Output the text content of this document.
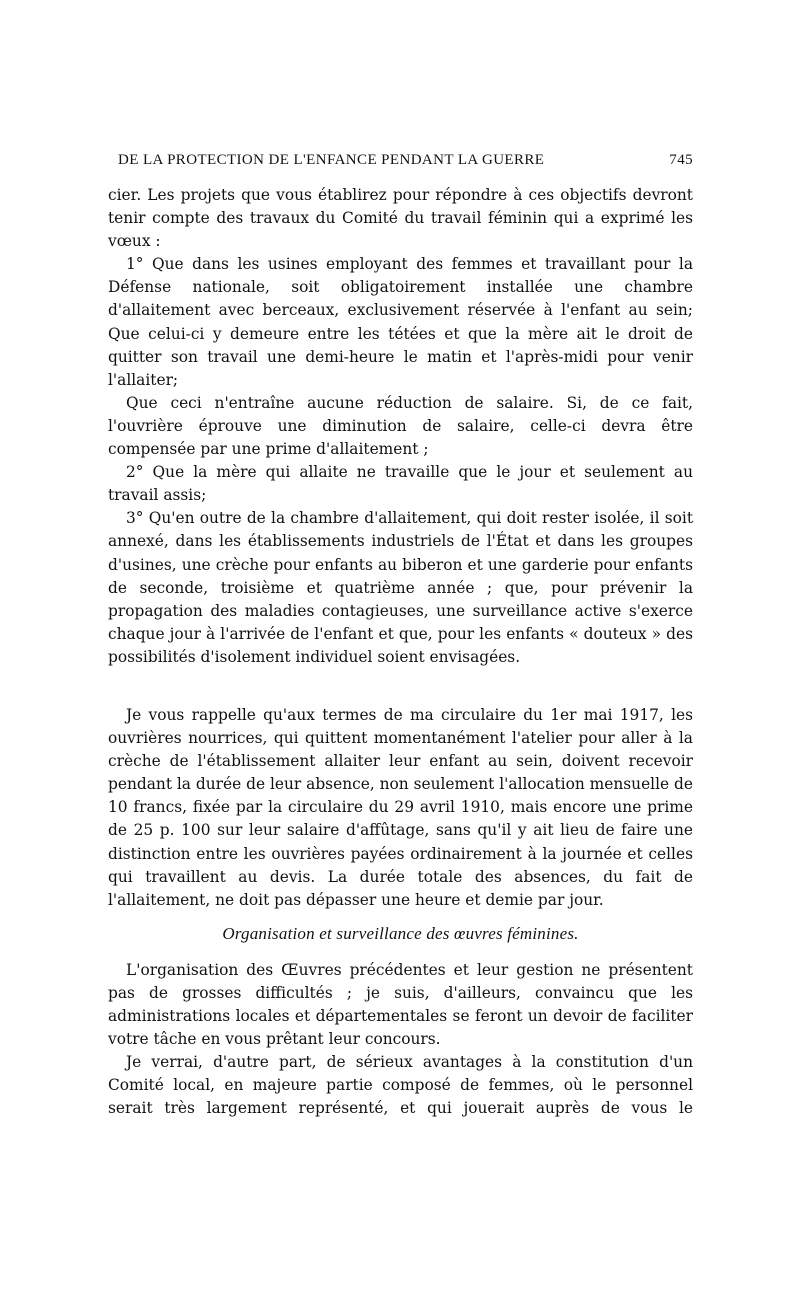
DE LA PROTECTION DE L'ENFANCE PENDANT LA GUERRE	745

cier. Les projets que vous établirez pour répondre à ces objectifs devront tenir compte des travaux du Comité du travail féminin qui a exprimé les vœux :

1° Que dans les usines employant des femmes et travaillant pour la Défense nationale, soit obligatoirement installée une chambre d'allaitement avec berceaux, exclusivement réservée à l'enfant au sein; Que celui-ci y demeure entre les tétées et que la mère ait le droit de quitter son travail une demi-heure le matin et l'après-midi pour venir l'allaiter;

Que ceci n'entraîne aucune réduction de salaire. Si, de ce fait, l'ouvrière éprouve une diminution de salaire, celle-ci devra être compensée par une prime d'allaitement ;

2° Que la mère qui allaite ne travaille que le jour et seulement au travail assis;

3° Qu'en outre de la chambre d'allaitement, qui doit rester isolée, il soit annexé, dans les établissements industriels de l'État et dans les groupes d'usines, une crèche pour enfants au biberon et une garderie pour enfants de seconde, troisième et quatrième année ; que, pour prévenir la propagation des maladies contagieuses, une surveillance active s'exerce chaque jour à l'arrivée de l'enfant et que, pour les enfants « douteux » des possibilités d'isolement individuel soient envisagées.

Je vous rappelle qu'aux termes de ma circulaire du 1er mai 1917, les ouvrières nourrices, qui quittent momentanément l'atelier pour aller à la crèche de l'établissement allaiter leur enfant au sein, doivent recevoir pendant la durée de leur absence, non seulement l'allocation mensuelle de 10 francs, fixée par la circulaire du 29 avril 1910, mais encore une prime de 25 p. 100 sur leur salaire d'affûtage, sans qu'il y ait lieu de faire une distinction entre les ouvrières payées ordinairement à la journée et celles qui travaillent au devis. La durée totale des absences, du fait de l'allaitement, ne doit pas dépasser une heure et demie par jour.

Organisation et surveillance des œuvres féminines.

L'organisation des Œuvres précédentes et leur gestion ne présentent pas de grosses difficultés ; je suis, d'ailleurs, convaincu que les administrations locales et départementales se feront un devoir de faciliter votre tâche en vous prêtant leur concours.

Je verrai, d'autre part, de sérieux avantages à la constitution d'un Comité local, en majeure partie composé de femmes, où le personnel serait très largement représenté, et qui jouerait auprès de vous le
